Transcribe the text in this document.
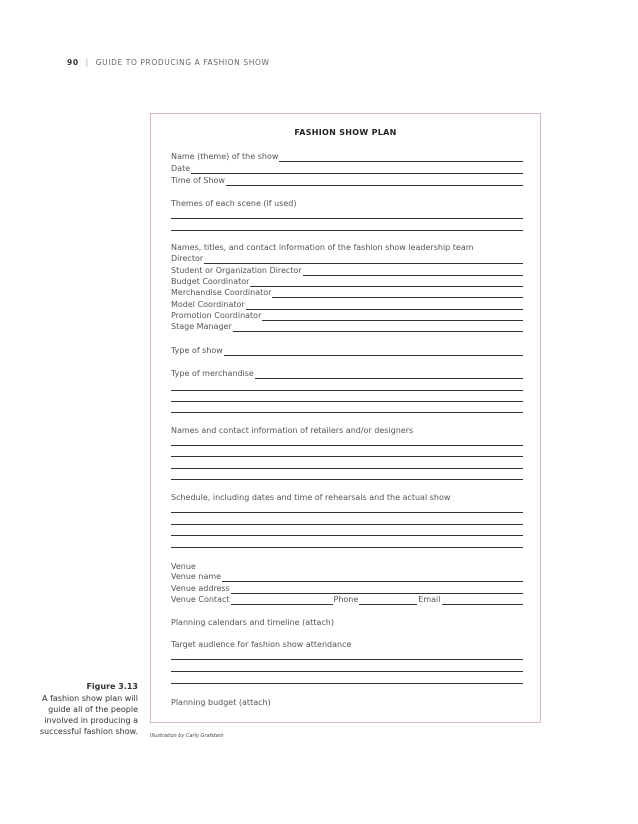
90 | GUIDE TO PRODUCING A FASHION SHOW
FASHION SHOW PLAN
Name (theme) of the show
Date
Time of Show
Themes of each scene (if used)
Names, titles, and contact information of the fashion show leadership team
Director
Student or Organization Director
Budget Coordinator
Merchandise Coordinator
Model Coordinator
Promotion Coordinator
Stage Manager
Type of show
Type of merchandise
Names and contact information of retailers and/or designers
Schedule, including dates and time of rehearsals and the actual show
Venue
Venue name
Venue address
Venue Contact	Phone	Email
Planning calendars and timeline (attach)
Target audience for fashion show attendance
Planning budget (attach)
Figure 3.13
A fashion show plan will guide all of the people involved in producing a successful fashion show. Illustration by Carly Grafstein
